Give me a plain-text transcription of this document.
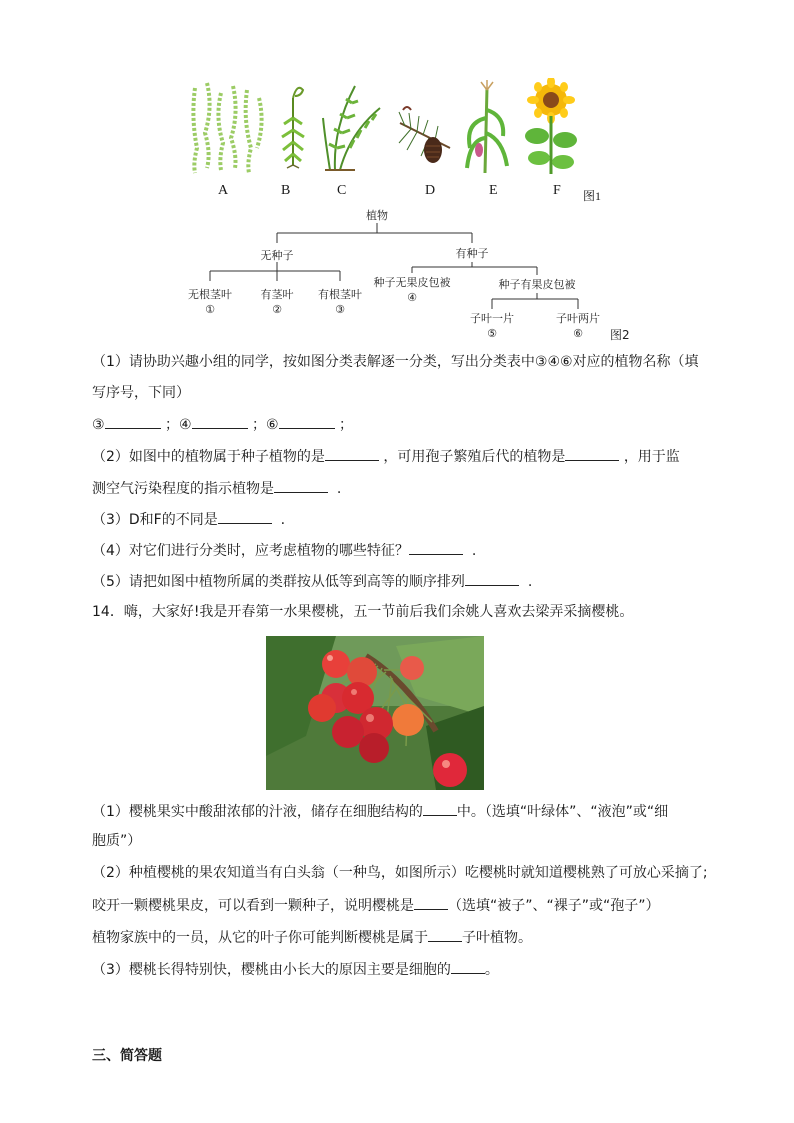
A	B	C	D	E	F 图1
植物
无种子	有种子
无根茎叶
①
有茎叶
②
有根茎叶
③
种子无果皮包被
④
种子有果皮包被
子叶一片
⑤
子叶两片
⑥ 图2
（1）请协助兴趣小组的同学，按如图分类表解逐一分类，写出分类表中③④⑥对应的植物名称（填
写序号，下同）
③	；④	；⑥	；
（2）如图中的植物属于种子植物的是	，可用孢子繁殖后代的植物是	，用于监
测空气污染程度的指示植物是	.
（3）D和F的不同是	.
（4）对它们进行分类时，应考虑植物的哪些特征？	.
（5）请把如图中植物所属的类群按从低等到高等的顺序排列	.
14．嗨，大家好!我是开春第一水果樱桃，五一节前后我们余姚人喜欢去梁弄采摘樱桃。
（1）樱桃果实中酸甜浓郁的汁液，储存在细胞结构的 中。（选填“叶绿体”、“液泡”或“细
胞质”）
（2）种植樱桃的果农知道当有白头翁（一种鸟，如图所示）吃樱桃时就知道樱桃熟了可放心采摘了;
咬开一颗樱桃果皮，可以看到一颗种子，说明樱桃是 （选填“被子”、“裸子”或“孢子”）
植物家族中的一员，从它的叶子你可能判断樱桃是属于 子叶植物。
（3）樱桃长得特别快，樱桃由小长大的原因主要是细胞的 。
三、简答题
